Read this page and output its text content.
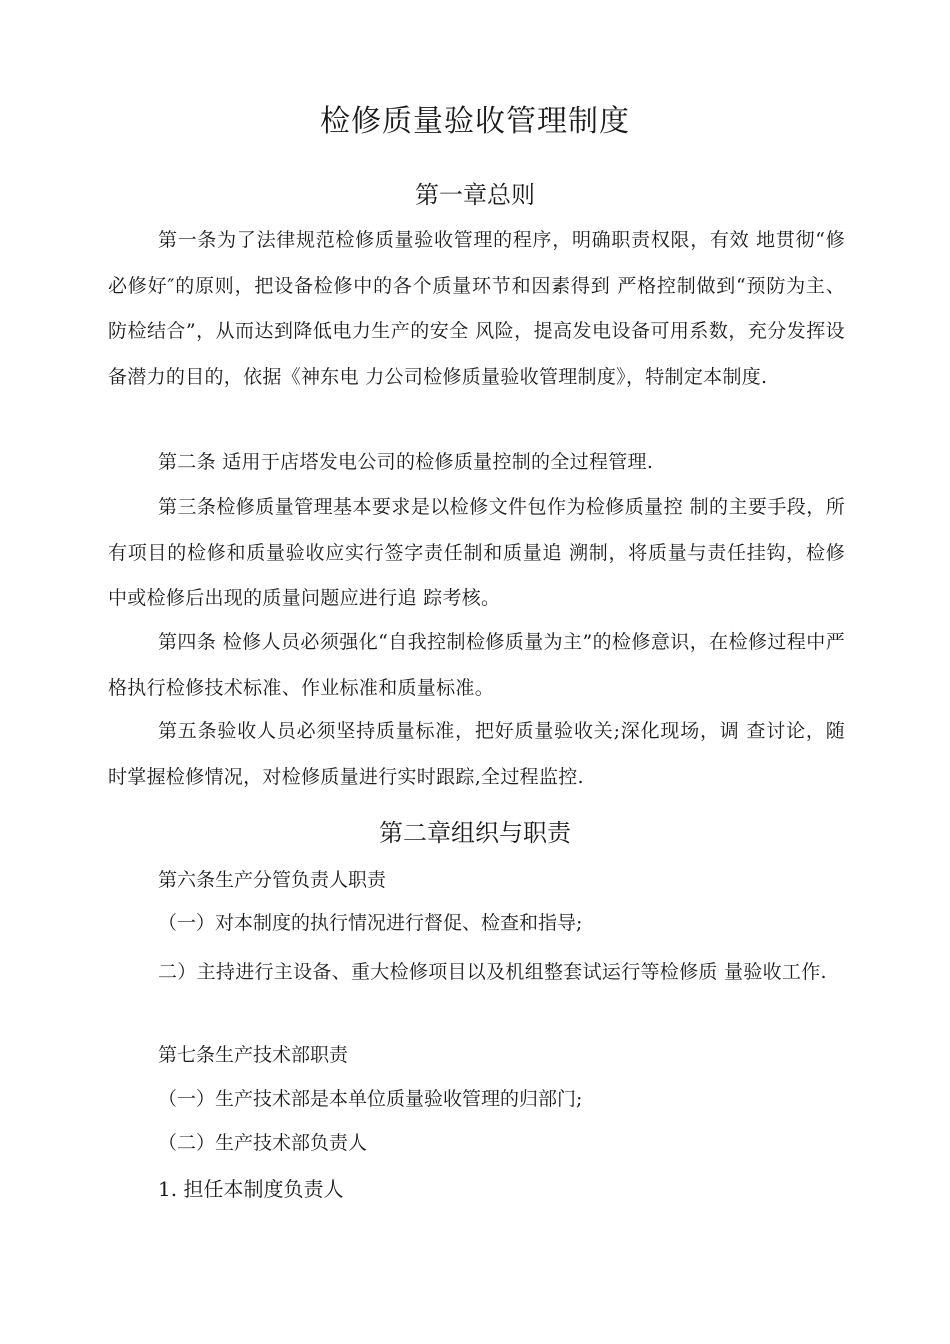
检修质量验收管理制度
第一章总则
第一条为了法律规范检修质量验收管理的程序，明确职责权限，有效 地贯彻“修必修好″的原则，把设备检修中的各个质量环节和因素得到 严格控制做到“预防为主、防检结合”，从而达到降低电力生产的安全 风险，提高发电设备可用系数，充分发挥设备潜力的目的，依据《神东电 力公司检修质量验收管理制度》，特制定本制度.
第二条 适用于店塔发电公司的检修质量控制的全过程管理.
第三条检修质量管理基本要求是以检修文件包作为检修质量控 制的主要手段，所有项目的检修和质量验收应实行签字责任制和质量追 溯制，将质量与责任挂钩，检修中或检修后出现的质量问题应进行追 踪考核。
第四条 检修人员必须强化“自我控制检修质量为主”的检修意识，在检修过程中严格执行检修技术标准、作业标准和质量标准。
第五条验收人员必须坚持质量标准，把好质量验收关;深化现场，调 查讨论，随时掌握检修情况，对检修质量进行实时跟踪,全过程监控.
第二章组织与职责
第六条生产分管负责人职责
（一）对本制度的执行情况进行督促、检查和指导;
二）主持进行主设备、重大检修项目以及机组整套试运行等检修质 量验收工作.
第七条生产技术部职责
（一）生产技术部是本单位质量验收管理的归部门;
（二）生产技术部负责人
1. 担任本制度负责人
